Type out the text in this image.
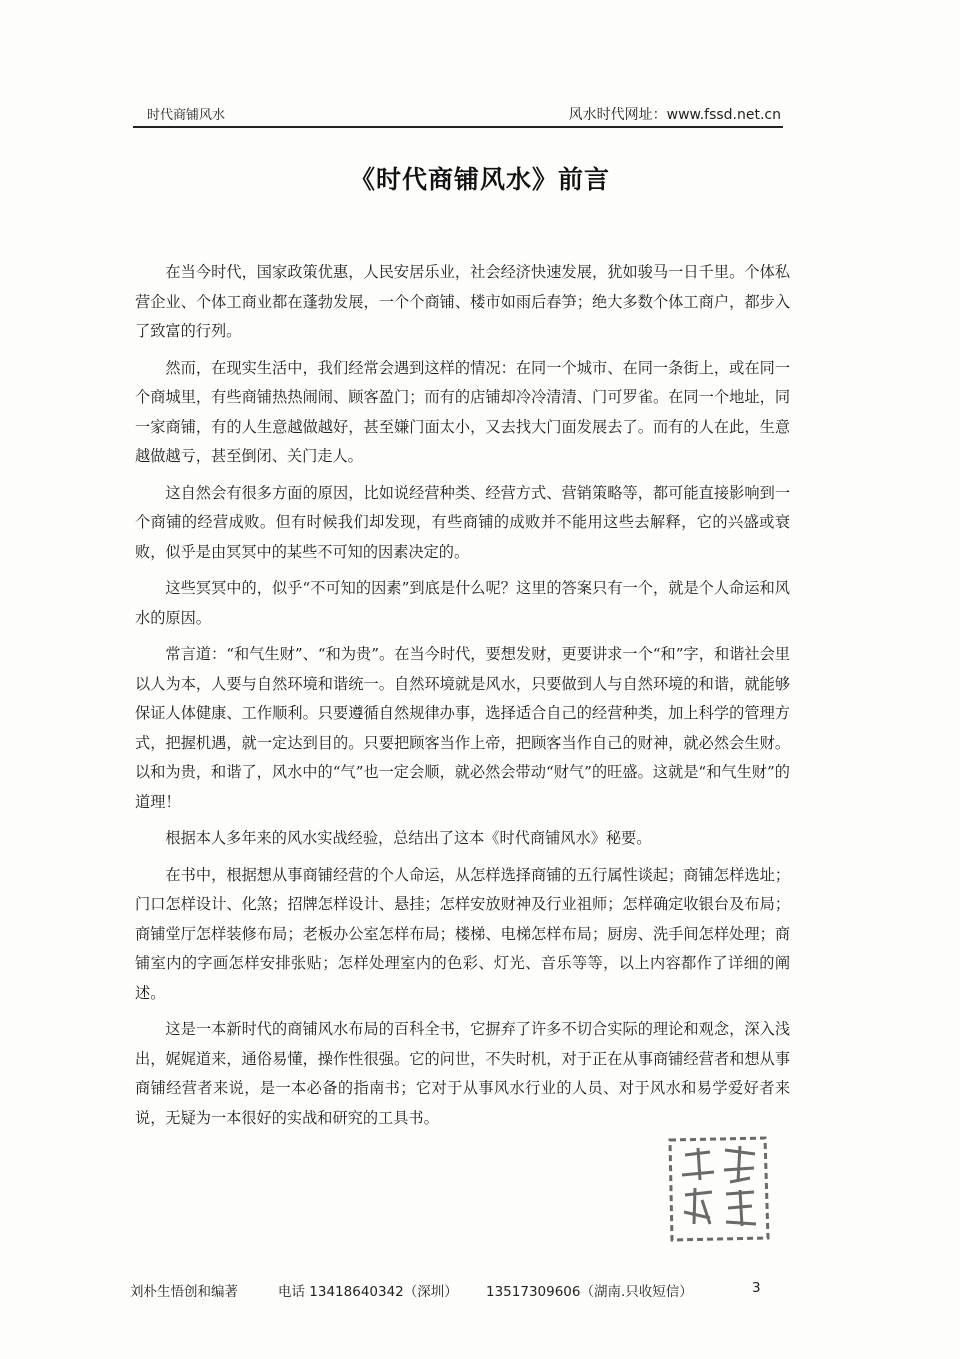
时代商铺风水	风水时代网址：www.fssd.net.cn
《时代商铺风水》前言

在当今时代，国家政策优惠，人民安居乐业，社会经济快速发展，犹如骏马一日千里。个体私营企业、个体工商业都在蓬勃发展，一个个商铺、楼市如雨后春笋；绝大多数个体工商户，都步入了致富的行列。

然而，在现实生活中，我们经常会遇到这样的情况：在同一个城市、在同一条街上，或在同一个商城里，有些商铺热热闹闹、顾客盈门；而有的店铺却冷冷清清、门可罗雀。在同一个地址，同一家商铺，有的人生意越做越好，甚至嫌门面太小，又去找大门面发展去了。而有的人在此，生意越做越亏，甚至倒闭、关门走人。

这自然会有很多方面的原因，比如说经营种类、经营方式、营销策略等，都可能直接影响到一个商铺的经营成败。但有时候我们却发现，有些商铺的成败并不能用这些去解释，它的兴盛或衰败，似乎是由冥冥中的某些不可知的因素决定的。

这些冥冥中的，似乎“不可知的因素”到底是什么呢？这里的答案只有一个，就是个人命运和风水的原因。

常言道：“和气生财”、“和为贵”。在当今时代，要想发财，更要讲求一个“和”字，和谐社会里以人为本，人要与自然环境和谐统一。自然环境就是风水，只要做到人与自然环境的和谐，就能够保证人体健康、工作顺利。只要遵循自然规律办事，选择适合自己的经营种类，加上科学的管理方式，把握机遇，就一定达到目的。只要把顾客当作上帝，把顾客当作自己的财神，就必然会生财。以和为贵，和谐了，风水中的“气”也一定会顺，就必然会带动“财气”的旺盛。这就是“和气生财”的道理！

根据本人多年来的风水实战经验，总结出了这本《时代商铺风水》秘要。

在书中，根据想从事商铺经营的个人命运，从怎样选择商铺的五行属性谈起；商铺怎样选址；门口怎样设计、化煞；招牌怎样设计、悬挂；怎样安放财神及行业祖师；怎样确定收银台及布局；商铺堂厅怎样装修布局；老板办公室怎样布局；楼梯、电梯怎样布局；厨房、洗手间怎样处理；商铺室内的字画怎样安排张贴；怎样处理室内的色彩、灯光、音乐等等，以上内容都作了详细的阐述。

这是一本新时代的商铺风水布局的百科全书，它摒弃了许多不切合实际的理论和观念，深入浅出，娓娓道来，通俗易懂，操作性很强。它的问世，不失时机，对于正在从事商铺经营者和想从事商铺经营者来说，是一本必备的指南书；它对于从事风水行业的人员、对于风水和易学爱好者来说，无疑为一本很好的实战和研究的工具书。

刘朴生悟创和编著	电话 13418640342（深圳） 13517309606（湖南.只收短信）	3
